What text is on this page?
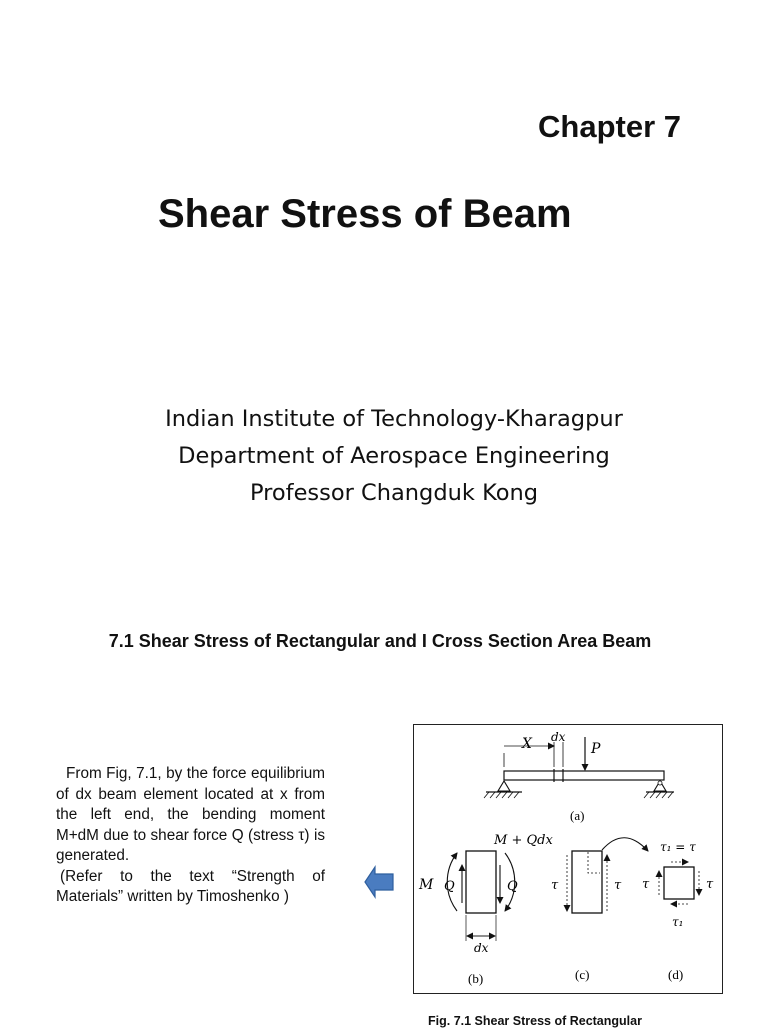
Chapter 7
Shear Stress of Beam
Indian Institute of Technology-Kharagpur
Department of Aerospace Engineering
Professor Changduk Kong
7.1 Shear Stress of Rectangular and I Cross Section Area Beam
From Fig, 7.1, by the force equilibrium of dx beam element located at x from the left end, the bending moment M+dM due to shear force Q (stress τ) is generated.
(Refer to the text “Strength of Materials” written by Timoshenko )
X dx
P
(a)
M + Qdx
M Q	Q
dx
(b)
τ	τ
(c)
τ₁ = τ
τ	τ
τ₁
(d)
Fig. 7.1 Shear Stress of Rectangular
